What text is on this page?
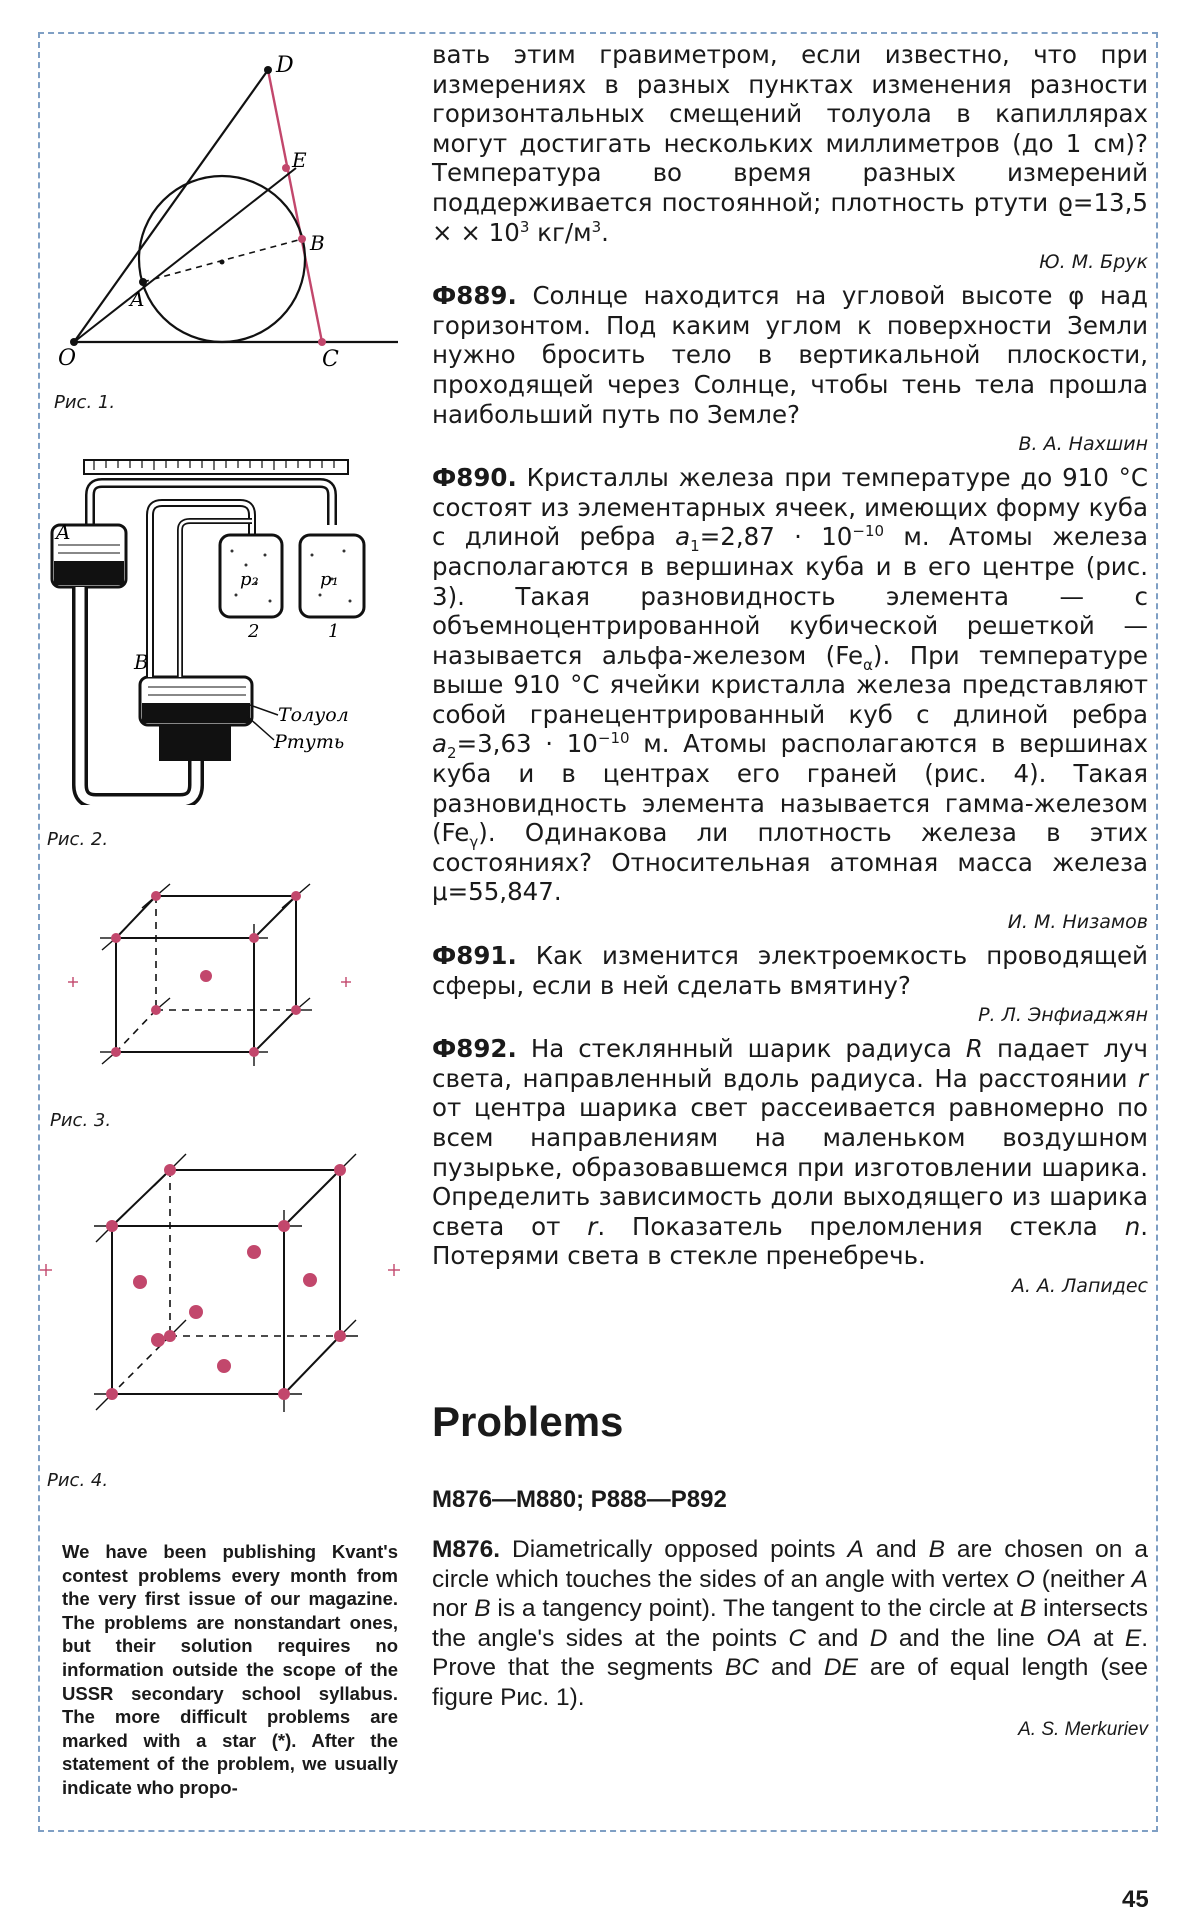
O
A
B
C
D
E
Рис. 1.
A
B
p₂	p₁
2	1
Толуол
Ртуть
Рис. 2.
Рис. 3.
Рис. 4.

вать этим гравиметром, если известно, что при измерениях в разных пунктах изменения разности горизонтальных смещений толуола в капиллярах могут достигать нескольких миллиметров (до 1 см)? Температура во время разных измерений поддерживается постоянной; плотность ртути ϱ=13,5 × × $10^3$ $кг/м^3$.

Ю. М. Брук

Ф889. Солнце находится на угловой высоте φ над горизонтом. Под каким углом к поверхности Земли нужно бросить тело в вертикальной плоскости, проходящей через Солнце, чтобы тень тела прошла наибольший путь по Земле?

В. А. Нахшин

Ф890. Кристаллы железа при температуре до 910 °С состоят из элементарных ячеек, имеющих форму куба с длиной ребра $a_1=2,87 \cdot 10^{-10}$ м. Атомы железа располагаются в вершинах куба и в его центре (рис. 3). Такая разновидность элемента — с объемноцентрированной кубической решеткой — называется альфа-железом $(Fe_\alpha)$. При температуре выше 910 °С ячейки кристалла железа представляют собой гранецентрированный куб с длиной ребра $a_2=3,63 \cdot 10^{-10}$ м. Атомы располагаются в вершинах куба и в центрах его граней (рис. 4). Такая разновидность элемента называется гамма-железом $(Fe_\gamma)$. Одинакова ли плотность железа в этих состояниях? Относительная атомная масса железа μ=55,847.

И. М. Низамов

Ф891. Как изменится электроемкость проводящей сферы, если в ней сделать вмятину?

Р. Л. Энфиаджян

Ф892. На стеклянный шарик радиуса R падает луч света, направленный вдоль радиуса. На расстоянии r от центра шарика свет рассеивается равномерно по всем направлениям на маленьком воздушном пузырьке, образовавшемся при изготовлении шарика. Определить зависимость доли выходящего из шарика света от r. Показатель преломления стекла n. Потерями света в стекле пренебречь.

А. А. Лапидес
Problems
M876—M880; P888—P892

M876. Diametrically opposed points A and B are chosen on a circle which touches the sides of an angle with vertex O (neither A nor B is a tangency point). The tangent to the circle at B intersects the angle's sides at the points C and D and the line OA at E. Prove that the segments BC and DE are of equal length (see figure Рис. 1).

A. S. Merkuriev
We have been publishing Kvant's contest problems every month from the very first issue of our magazine. The problems are nonstandart ones, but their solution requires no information outside the scope of the USSR secondary school syllabus. The more difficult problems are marked with a star (*). After the statement of the problem, we usually indicate who propo-
45
